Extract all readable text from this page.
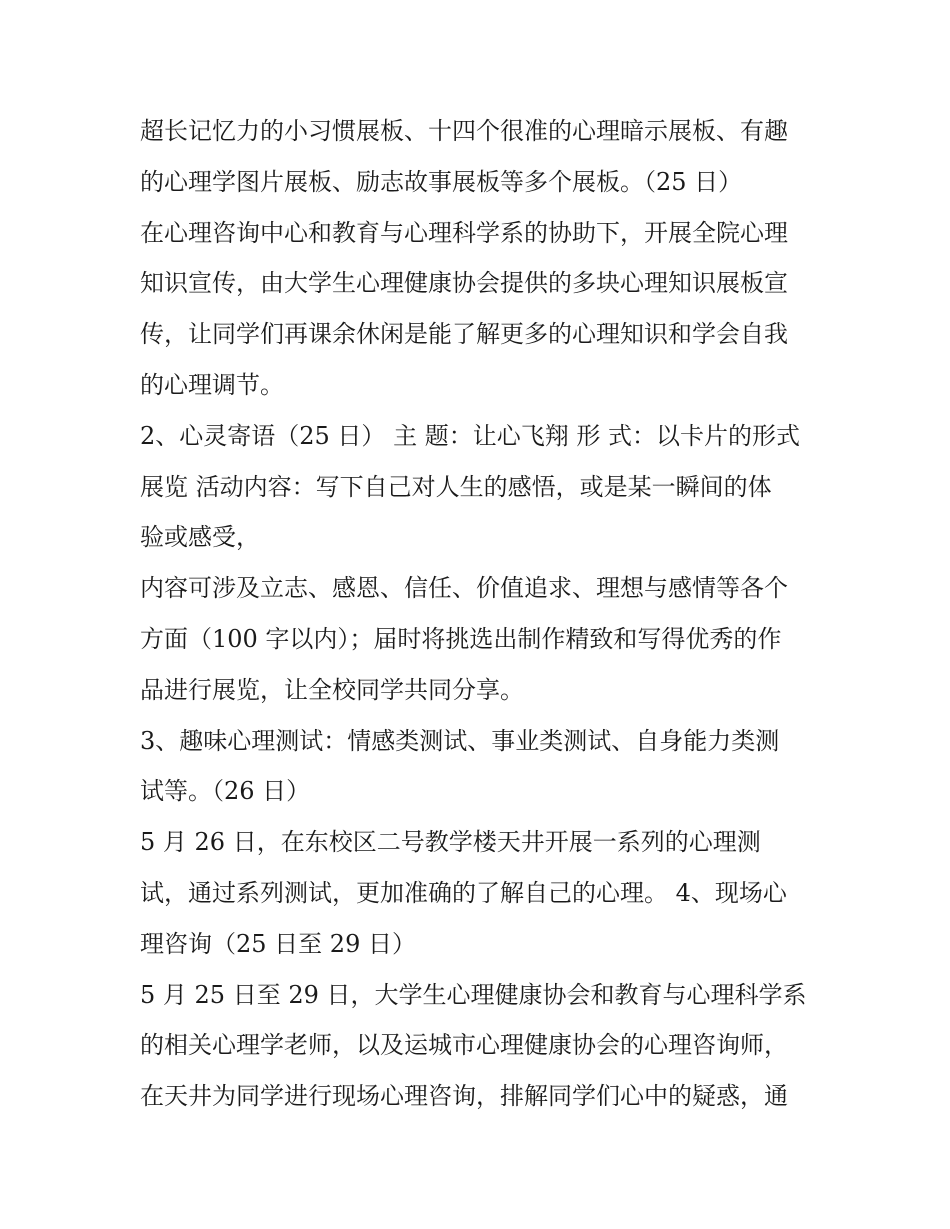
超长记忆力的小习惯展板、十四个很准的心理暗示展板、有趣
的心理学图片展板、励志故事展板等多个展板。（25 日）
在心理咨询中心和教育与心理科学系的协助下，开展全院心理
知识宣传，由大学生心理健康协会提供的多块心理知识展板宣
传，让同学们再课余休闲是能了解更多的心理知识和学会自我
的心理调节。
2、心灵寄语（25 日） 主 题：让心飞翔 形 式：以卡片的形式
展览 活动内容：写下自己对人生的感悟，或是某一瞬间的体
验或感受，
内容可涉及立志、感恩、信任、价值追求、理想与感情等各个
方面（100 字以内）；届时将挑选出制作精致和写得优秀的作
品进行展览，让全校同学共同分享。
3、趣味心理测试：情感类测试、事业类测试、自身能力类测
试等。（26 日）
5 月 26 日，在东校区二号教学楼天井开展一系列的心理测
试，通过系列测试，更加准确的了解自己的心理。 4、现场心
理咨询（25 日至 29 日）
5 月 25 日至 29 日，大学生心理健康协会和教育与心理科学系
的相关心理学老师，以及运城市心理健康协会的心理咨询师，
在天井为同学进行现场心理咨询，排解同学们心中的疑惑，通
